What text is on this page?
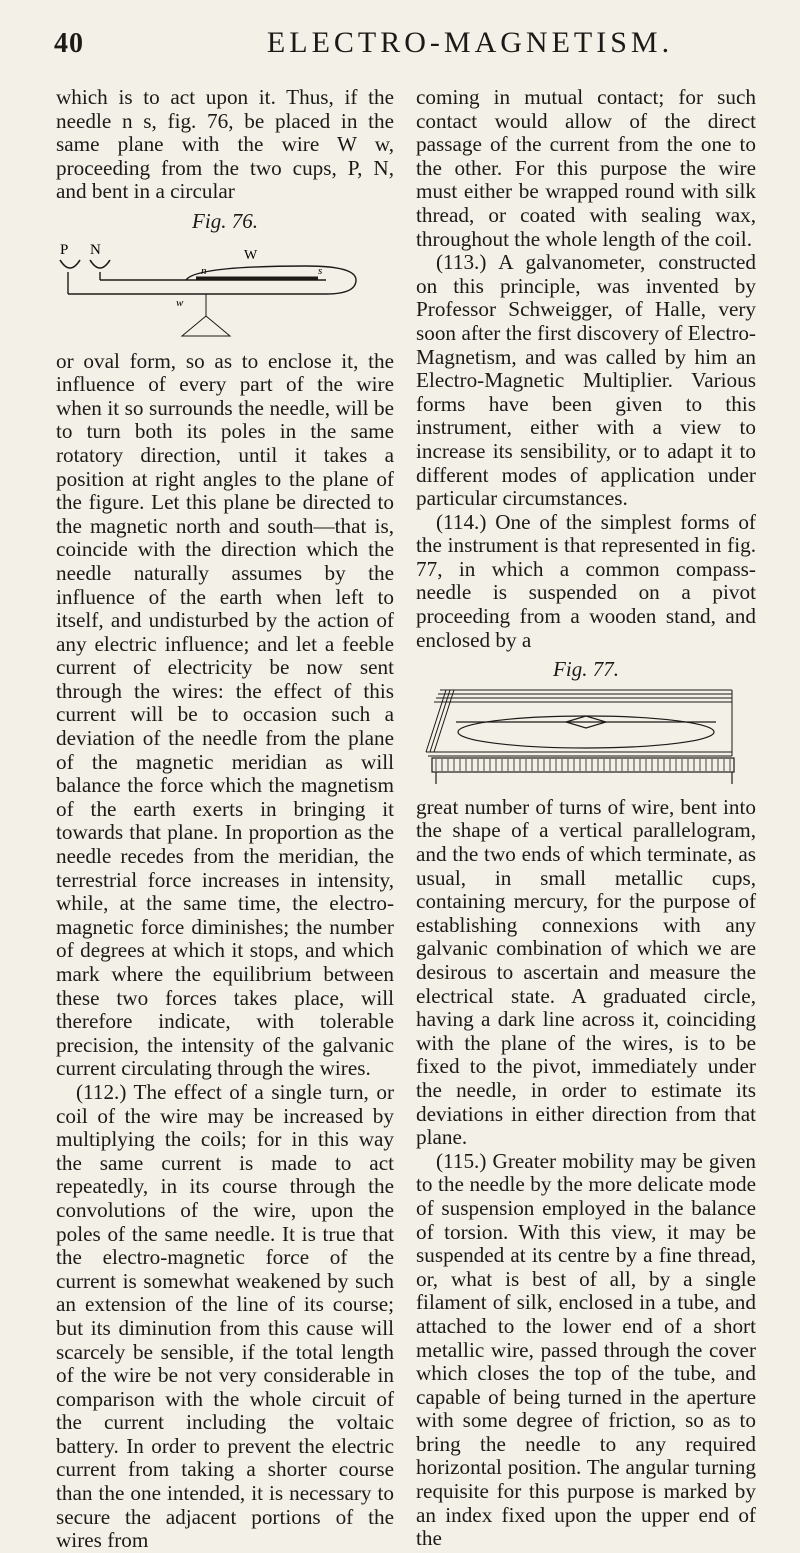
40	ELECTRO-MAGNETISM.

which is to act upon it. Thus, if the needle n s, fig. 76, be placed in the same plane with the wire W w, proceeding from the two cups, P, N, and bent in a circular

Fig. 76.
P N	W
n	s
w

or oval form, so as to enclose it, the influence of every part of the wire when it so surrounds the needle, will be to turn both its poles in the same rotatory direction, until it takes a position at right angles to the plane of the figure. Let this plane be directed to the magnetic north and south—that is, coincide with the direction which the needle naturally assumes by the influence of the earth when left to itself, and undisturbed by the action of any electric influence; and let a feeble current of electricity be now sent through the wires: the effect of this current will be to occasion such a deviation of the needle from the plane of the magnetic meridian as will balance the force which the magnetism of the earth exerts in bringing it towards that plane. In proportion as the needle recedes from the meridian, the terrestrial force increases in intensity, while, at the same time, the electro-magnetic force diminishes; the number of degrees at which it stops, and which mark where the equilibrium between these two forces takes place, will therefore indicate, with tolerable precision, the intensity of the galvanic current circulating through the wires.

(112.) The effect of a single turn, or coil of the wire may be increased by multiplying the coils; for in this way the same current is made to act repeatedly, in its course through the convolutions of the wire, upon the poles of the same needle. It is true that the electro-magnetic force of the current is somewhat weakened by such an extension of the line of its course; but its diminution from this cause will scarcely be sensible, if the total length of the wire be not very considerable in comparison with the whole circuit of the current including the voltaic battery. In order to prevent the electric current from taking a shorter course than the one intended, it is necessary to secure the adjacent portions of the wires from

coming in mutual contact; for such contact would allow of the direct passage of the current from the one to the other. For this purpose the wire must either be wrapped round with silk thread, or coated with sealing wax, throughout the whole length of the coil.

(113.) A galvanometer, constructed on this principle, was invented by Professor Schweigger, of Halle, very soon after the first discovery of Electro-Magnetism, and was called by him an Electro-Magnetic Multiplier. Various forms have been given to this instrument, either with a view to increase its sensibility, or to adapt it to different modes of application under particular circumstances.

(114.) One of the simplest forms of the instrument is that represented in fig. 77, in which a common compass-needle is suspended on a pivot proceeding from a wooden stand, and enclosed by a

Fig. 77.

great number of turns of wire, bent into the shape of a vertical parallelogram, and the two ends of which terminate, as usual, in small metallic cups, containing mercury, for the purpose of establishing connexions with any galvanic combination of which we are desirous to ascertain and measure the electrical state. A graduated circle, having a dark line across it, coinciding with the plane of the wires, is to be fixed to the pivot, immediately under the needle, in order to estimate its deviations in either direction from that plane.

(115.) Greater mobility may be given to the needle by the more delicate mode of suspension employed in the balance of torsion. With this view, it may be suspended at its centre by a fine thread, or, what is best of all, by a single filament of silk, enclosed in a tube, and attached to the lower end of a short metallic wire, passed through the cover which closes the top of the tube, and capable of being turned in the aperture with some degree of friction, so as to bring the needle to any required horizontal position. The angular turning requisite for this purpose is marked by an index fixed upon the upper end of the
